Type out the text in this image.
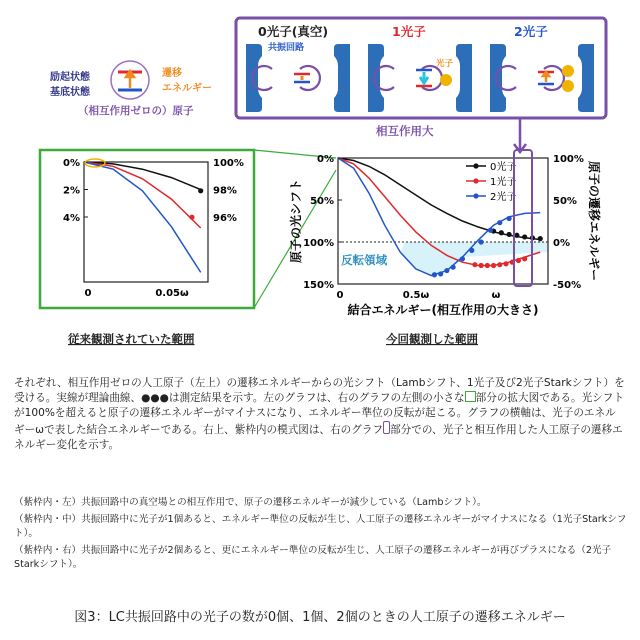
励起状態
基底状態
遷移
エネルギー
（相互作用ゼロの）原子
0光子(真空)	1光子	2光子
共振回路
光子
相互作用大
0%
2%
4%
100%
98%
96%
0	0.05ω
従来観測されていた範囲
反転領域
0%
50%
100%
150%
100%
50%
0%
-50%
0	0.5ω	ω
0光子
1光子
2光子
結合エネルギー(相互作用の大きさ)
原子の光シフト	原子の遷移エネルギー
今回観測した範囲
それぞれ、相互作用ゼロの人工原子（左上）の遷移エネルギーからの光シフト（Lambシフト、1光子及び2光子Starkシフト）を受ける。実線が理論曲線、●●●は測定結果を示す。左のグラフは、右のグラフの左側の小さな 部分の拡大図である。光シフトが100%を超えると原子の遷移エネルギーがマイナスになり、エネルギー準位の反転が起こる。グラフの横軸は、光子のエネルギーωで表した結合エネルギーである。右上、紫枠内の模式図は、右のグラフ 部分での、光子と相互作用した人工原子の遷移エネルギー変化を示す。
（紫枠内・左）共振回路中の真空場との相互作用で、原子の遷移エネルギーが減少している（Lambシフト）。
（紫枠内・中）共振回路中に光子が1個あると、エネルギー準位の反転が生じ、人工原子の遷移エネルギーがマイナスになる（1光子Starkシフト）。
（紫枠内・右）共振回路中に光子が2個あると、更にエネルギー準位の反転が生じ、人工原子の遷移エネルギーが再びプラスになる（2光子Starkシフト）。
図3：LC共振回路中の光子の数が0個、1個、2個のときの人工原子の遷移エネルギー
